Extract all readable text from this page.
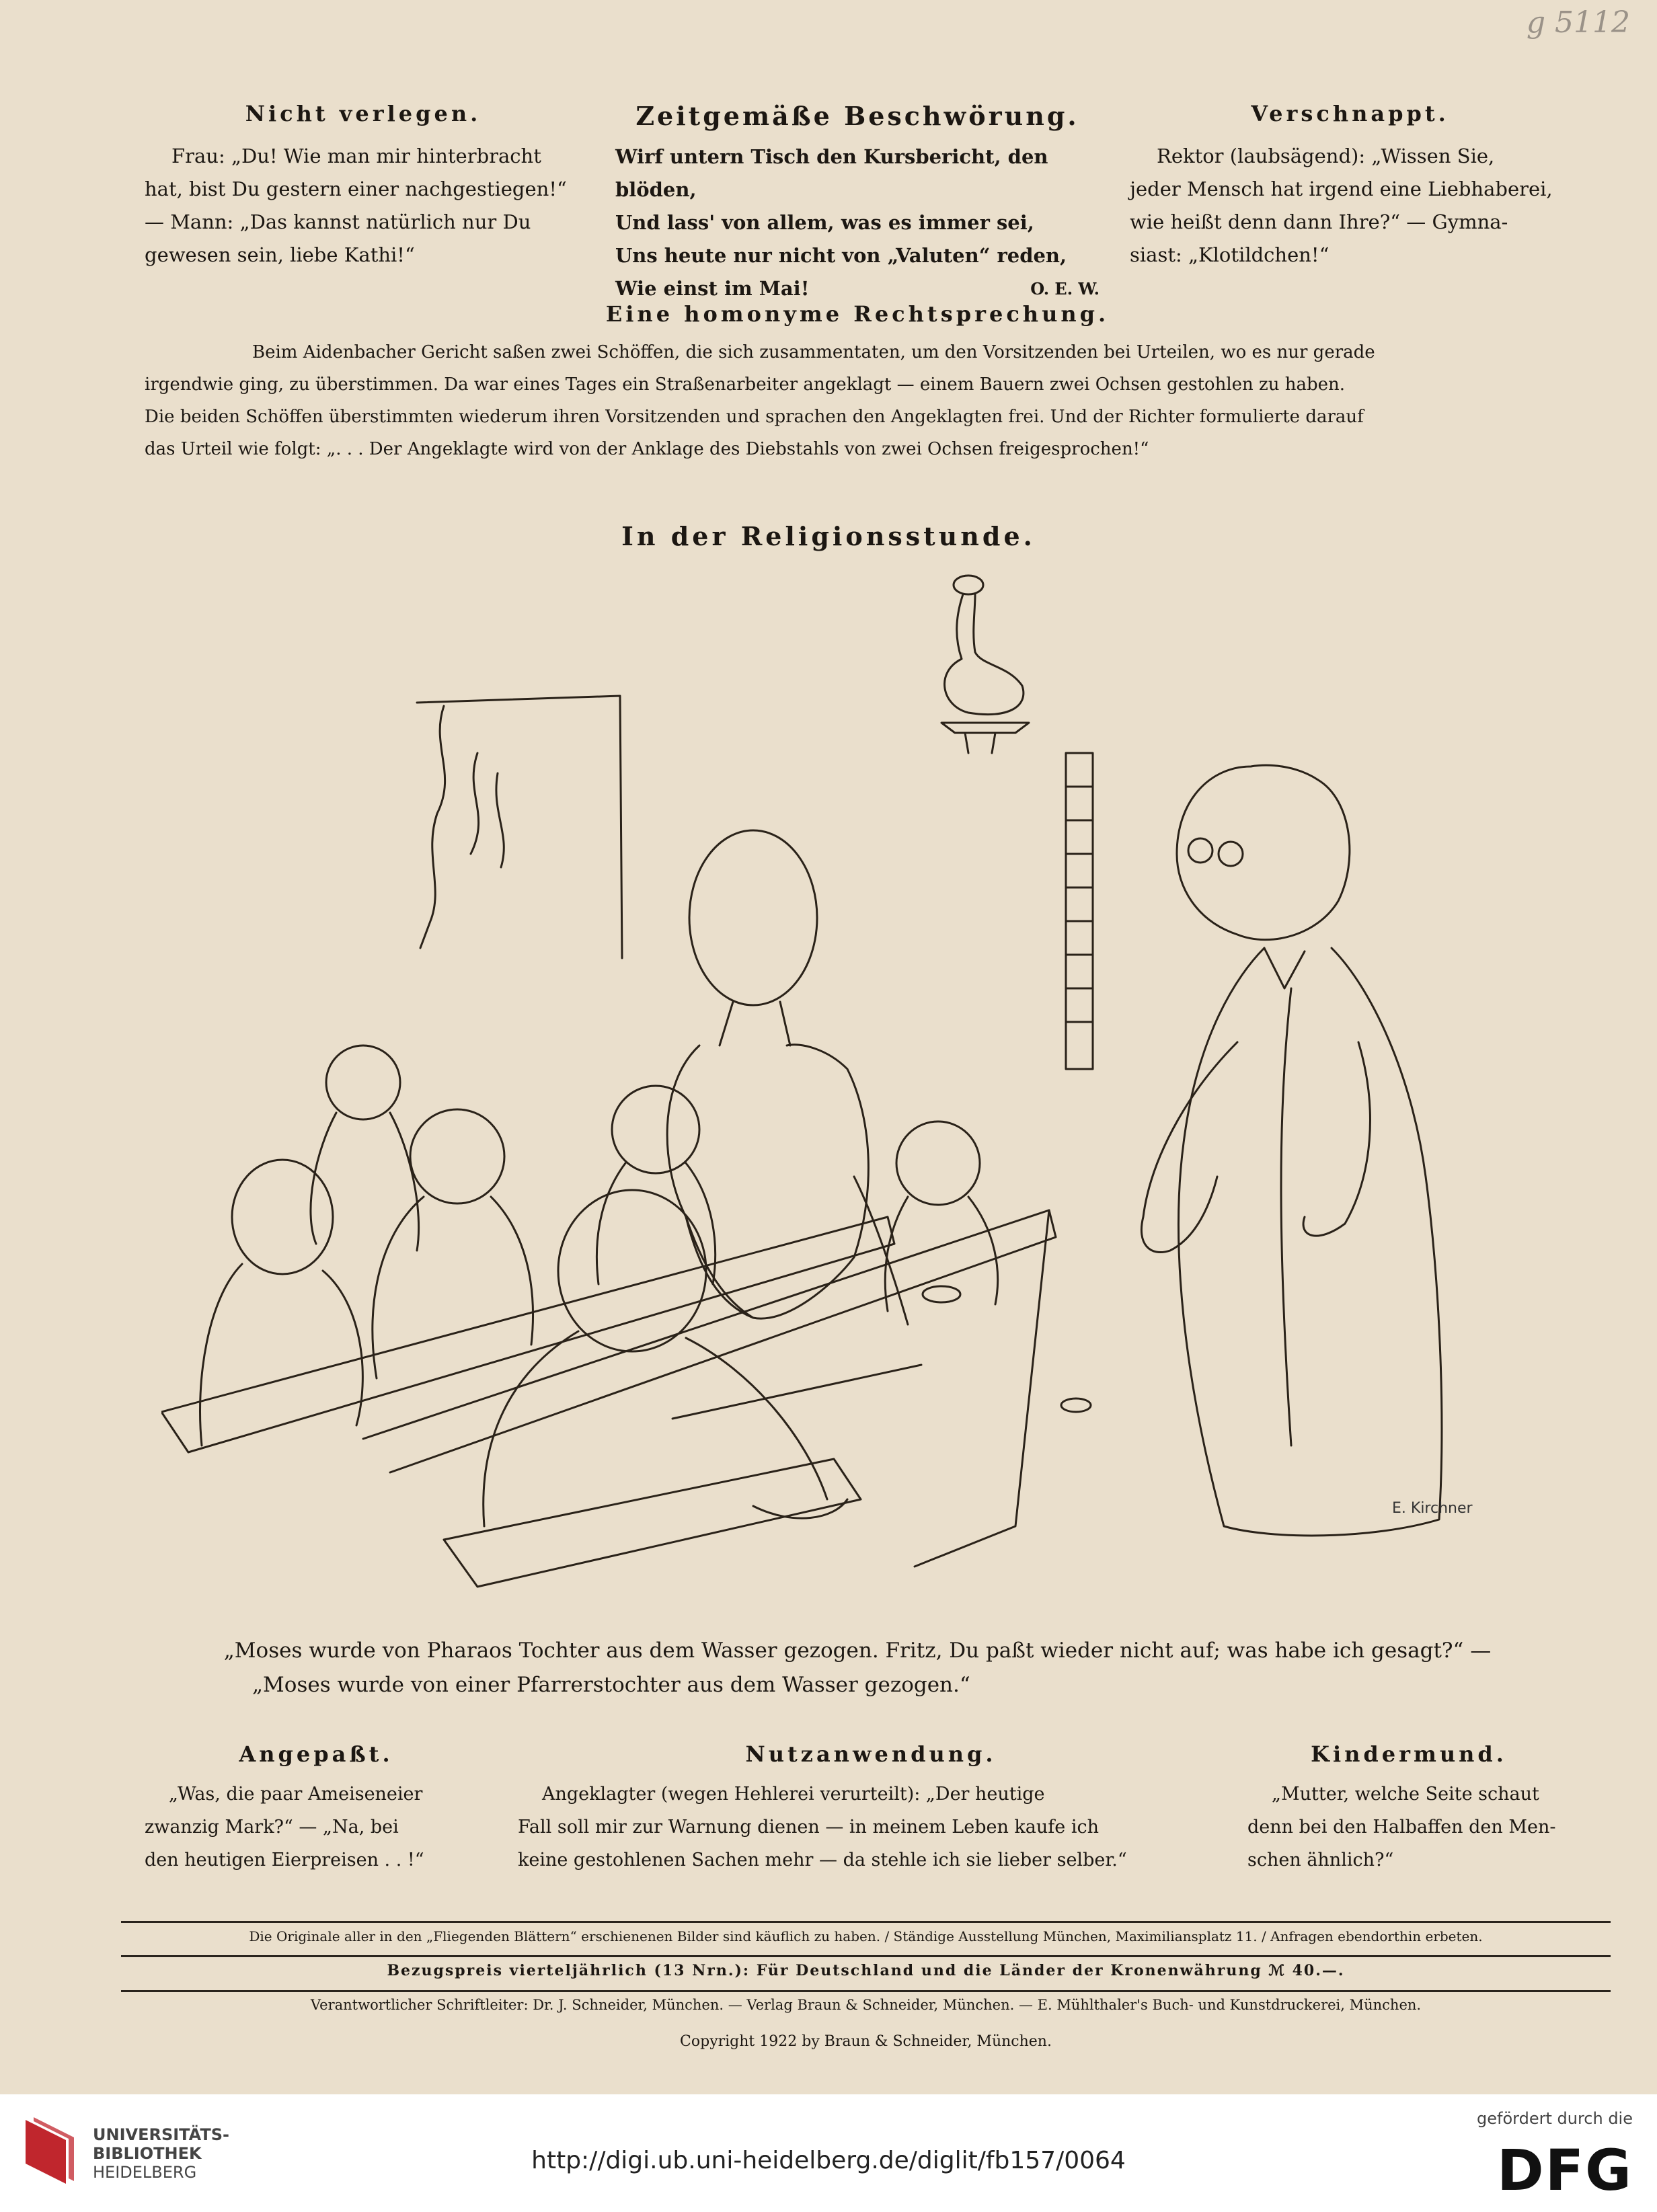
g 5112
Nicht verlegen.
Frau: „Du! Wie man mir hinterbracht
hat, bist Du gestern einer nachgestiegen!“
— Mann: „Das kannst natürlich nur Du
gewesen sein, liebe Kathi!“
Zeitgemäße Beschwörung.
Wirf untern Tisch den Kursbericht, den blöden,
Und lass' von allem, was es immer sei,
Uns heute nur nicht von „Valuten“ reden,
Wie einst im Mai!	O. E. W.
Verschnappt.
Rektor (laubsägend): „Wissen Sie,
jeder Mensch hat irgend eine Liebhaberei,
wie heißt denn dann Ihre?“ — Gymna-
siast: „Klotildchen!“
Eine homonyme Rechtsprechung.
Beim Aidenbacher Gericht saßen zwei Schöffen, die sich zusammentaten, um den Vorsitzenden bei Urteilen, wo es nur gerade
irgendwie ging, zu überstimmen. Da war eines Tages ein Straßenarbeiter angeklagt — einem Bauern zwei Ochsen gestohlen zu haben.
Die beiden Schöffen überstimmten wiederum ihren Vorsitzenden und sprachen den Angeklagten frei. Und der Richter formulierte darauf
das Urteil wie folgt: „. . . Der Angeklagte wird von der Anklage des Diebstahls von zwei Ochsen freigesprochen!“
In der Religionsstunde.
E. Kirchner
„Moses wurde von Pharaos Tochter aus dem Wasser gezogen. Fritz, Du paßt wieder nicht auf; was habe ich gesagt?“ —
„Moses wurde von einer Pfarrerstochter aus dem Wasser gezogen.“
Angepaßt.
„Was, die paar Ameiseneier
zwanzig Mark?“ — „Na, bei
den heutigen Eierpreisen . . !“
Nutzanwendung.
Angeklagter (wegen Hehlerei verurteilt): „Der heutige
Fall soll mir zur Warnung dienen — in meinem Leben kaufe ich
keine gestohlenen Sachen mehr — da stehle ich sie lieber selber.“
Kindermund.
„Mutter, welche Seite schaut
denn bei den Halbaffen den Men-
schen ähnlich?“
Die Originale aller in den „Fliegenden Blättern“ erschienenen Bilder sind käuflich zu haben. / Ständige Ausstellung München, Maximiliansplatz 11. / Anfragen ebendorthin erbeten.
Bezugspreis vierteljährlich (13 Nrn.): Für Deutschland und die Länder der Kronenwährung ℳ 40.—.
Verantwortlicher Schriftleiter: Dr. J. Schneider, München. — Verlag Braun & Schneider, München. — E. Mühlthaler's Buch- und Kunstdruckerei, München.
Copyright 1922 by Braun & Schneider, München.
UNIVERSITÄTS-
BIBLIOTHEK
HEIDELBERG	http://digi.ub.uni-heidelberg.de/diglit/fb157/0064
gefördert durch die
DFG
